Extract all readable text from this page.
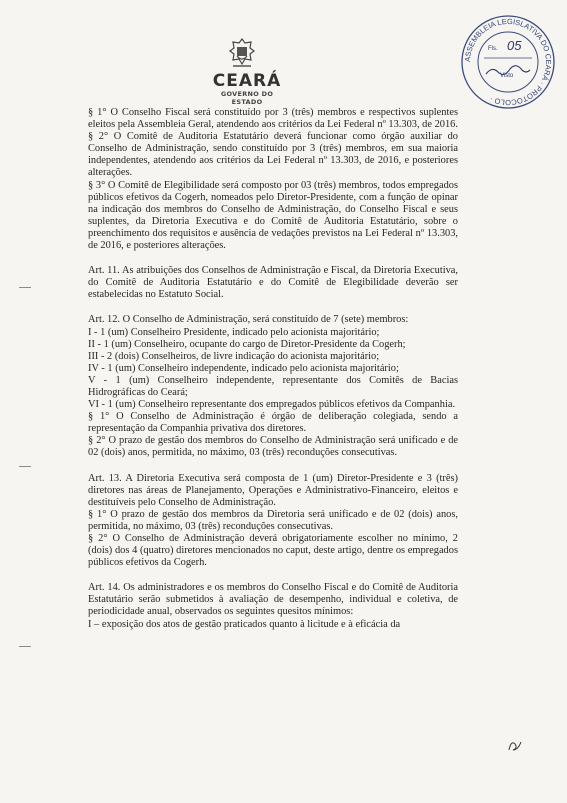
CEARÁ
GOVERNO DO ESTADO
ASSEMBLEIA LEGISLATIVA DO CEARÁ · PROTOCOLO ·
Fls. 05
Visto

§ 1° O Conselho Fiscal será constituído por 3 (três) membros e respectivos suplentes eleitos pela Assembleia Geral, atendendo aos critérios da Lei Federal nº 13.303, de 2016.

§ 2° O Comitê de Auditoria Estatutário deverá funcionar como órgão auxiliar do Conselho de Administração, sendo constituído por 3 (três) membros, em sua maioria independentes, atendendo aos critérios da Lei Federal nº 13.303, de 2016, e posteriores alterações.

§ 3° O Comitê de Elegibilidade será composto por 03 (três) membros, todos empregados públicos efetivos da Cogerh, nomeados pelo Diretor-Presidente, com a função de opinar na indicação dos membros do Conselho de Administração, do Conselho Fiscal e seus suplentes, da Diretoria Executiva e do Comitê de Auditoria Estatutário, sobre o preenchimento dos requisitos e ausência de vedações previstos na Lei Federal nº 13.303, de 2016, e posteriores alterações.

Art. 11. As atribuições dos Conselhos de Administração e Fiscal, da Diretoria Executiva, do Comitê de Auditoria Estatutário e do Comitê de Elegibilidade deverão ser estabelecidas no Estatuto Social.

Art. 12. O Conselho de Administração, será constituído de 7 (sete) membros:

I - 1 (um) Conselheiro Presidente, indicado pelo acionista majoritário;

II - 1 (um) Conselheiro, ocupante do cargo de Diretor-Presidente da Cogerh;

III - 2 (dois) Conselheiros, de livre indicação do acionista majoritário;

IV - 1 (um) Conselheiro independente, indicado pelo acionista majoritário;

V - 1 (um) Conselheiro independente, representante dos Comitês de Bacias Hidrográficas do Ceará;

VI - 1 (um) Conselheiro representante dos empregados públicos efetivos da Companhia.

§ 1° O Conselho de Administração é órgão de deliberação colegiada, sendo a representação da Companhia privativa dos diretores.

§ 2° O prazo de gestão dos membros do Conselho de Administração será unificado e de 02 (dois) anos, permitida, no máximo, 03 (três) reconduções consecutivas.

Art. 13. A Diretoria Executiva será composta de 1 (um) Diretor-Presidente e 3 (três) diretores nas áreas de Planejamento, Operações e Administrativo-Financeiro, eleitos e destituíveis pelo Conselho de Administração.

§ 1° O prazo de gestão dos membros da Diretoria será unificado e de 02 (dois) anos, permitida, no máximo, 03 (três) reconduções consecutivas.

§ 2° O Conselho de Administração deverá obrigatoriamente escolher no mínimo, 2 (dois) dos 4 (quatro) diretores mencionados no caput, deste artigo, dentre os empregados públicos efetivos da Cogerh.

Art. 14. Os administradores e os membros do Conselho Fiscal e do Comitê de Auditoria Estatutário serão submetidos à avaliação de desempenho, individual e coletiva, de periodicidade anual, observados os seguintes quesitos mínimos:

I – exposição dos atos de gestão praticados quanto à licitude e à eficácia da
